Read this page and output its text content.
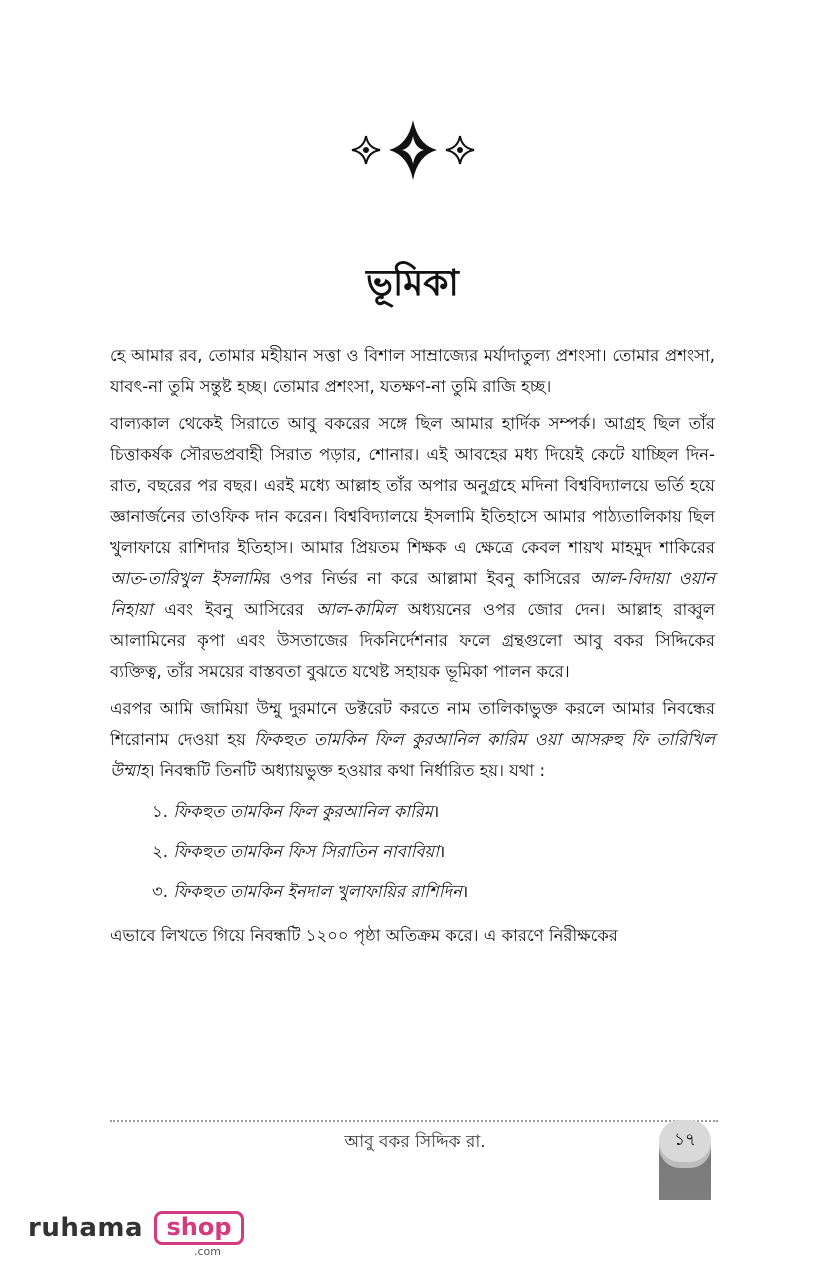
ভূমিকা

হে আমার রব, তোমার মহীয়ান সত্তা ও বিশাল সাম্রাজ্যের মর্যাদাতুল্য প্রশংসা। তোমার প্রশংসা, যাবৎ-না তুমি সন্তুষ্ট হচ্ছ। তোমার প্রশংসা, যতক্ষণ-না তুমি রাজি হচ্ছ।

বাল্যকাল থেকেই সিরাতে আবু বকরের সঙ্গে ছিল আমার হার্দিক সম্পর্ক। আগ্রহ ছিল তাঁর চিত্তাকর্ষক সৌরভপ্রবাহী সিরাত পড়ার, শোনার। এই আবহের মধ্য দিয়েই কেটে যাচ্ছিল দিন-রাত, বছরের পর বছর। এরই মধ্যে আল্লাহ তাঁর অপার অনুগ্রহে মদিনা বিশ্ববিদ্যালয়ে ভর্তি হয়ে জ্ঞানার্জনের তাওফিক দান করেন। বিশ্ববিদ্যালয়ে ইসলামি ইতিহাসে আমার পাঠ্যতালিকায় ছিল খুলাফায়ে রাশিদার ইতিহাস। আমার প্রিয়তম শিক্ষক এ ক্ষেত্রে কেবল শায়খ মাহমুদ শাকিরের আত-তারিখুল ইসলামির ওপর নির্ভর না করে আল্লামা ইবনু কাসিরের আল-বিদায়া ওয়ান নিহায়া এবং ইবনু আসিরের আল-কামিল অধ্যয়নের ওপর জোর দেন। আল্লাহ রাব্বুল আলামিনের কৃপা এবং উসতাজের দিকনির্দেশনার ফলে গ্রন্থগুলো আবু বকর সিদ্দিকের ব্যক্তিত্ব, তাঁর সময়ের বাস্তবতা বুঝতে যথেষ্ট সহায়ক ভূমিকা পালন করে।

এরপর আমি জামিয়া উম্মু দুরমানে ডক্টরেট করতে নাম তালিকাভুক্ত করলে আমার নিবন্ধের শিরোনাম দেওয়া হয় ফিকহুত তামকিন ফিল কুরআনিল কারিম ওয়া আসরুহু ফি তারিখিল উম্মাহ। নিবন্ধটি তিনটি অধ্যায়ভুক্ত হওয়ার কথা নির্ধারিত হয়। যথা :

১. ফিকহুত তামকিন ফিল কুরআনিল কারিম।
২. ফিকহুত তামকিন ফিস সিরাতিন নাবাবিয়া।
৩. ফিকহুত তামকিন ইনদাল খুলাফায়ির রাশিদিন।

এভাবে লিখতে গিয়ে নিবন্ধটি ১২০০ পৃষ্ঠা অতিক্রম করে। এ কারণে নিরীক্ষকের

আবু বকর সিদ্দিক রা.	১৭
ruhama shop
.com
